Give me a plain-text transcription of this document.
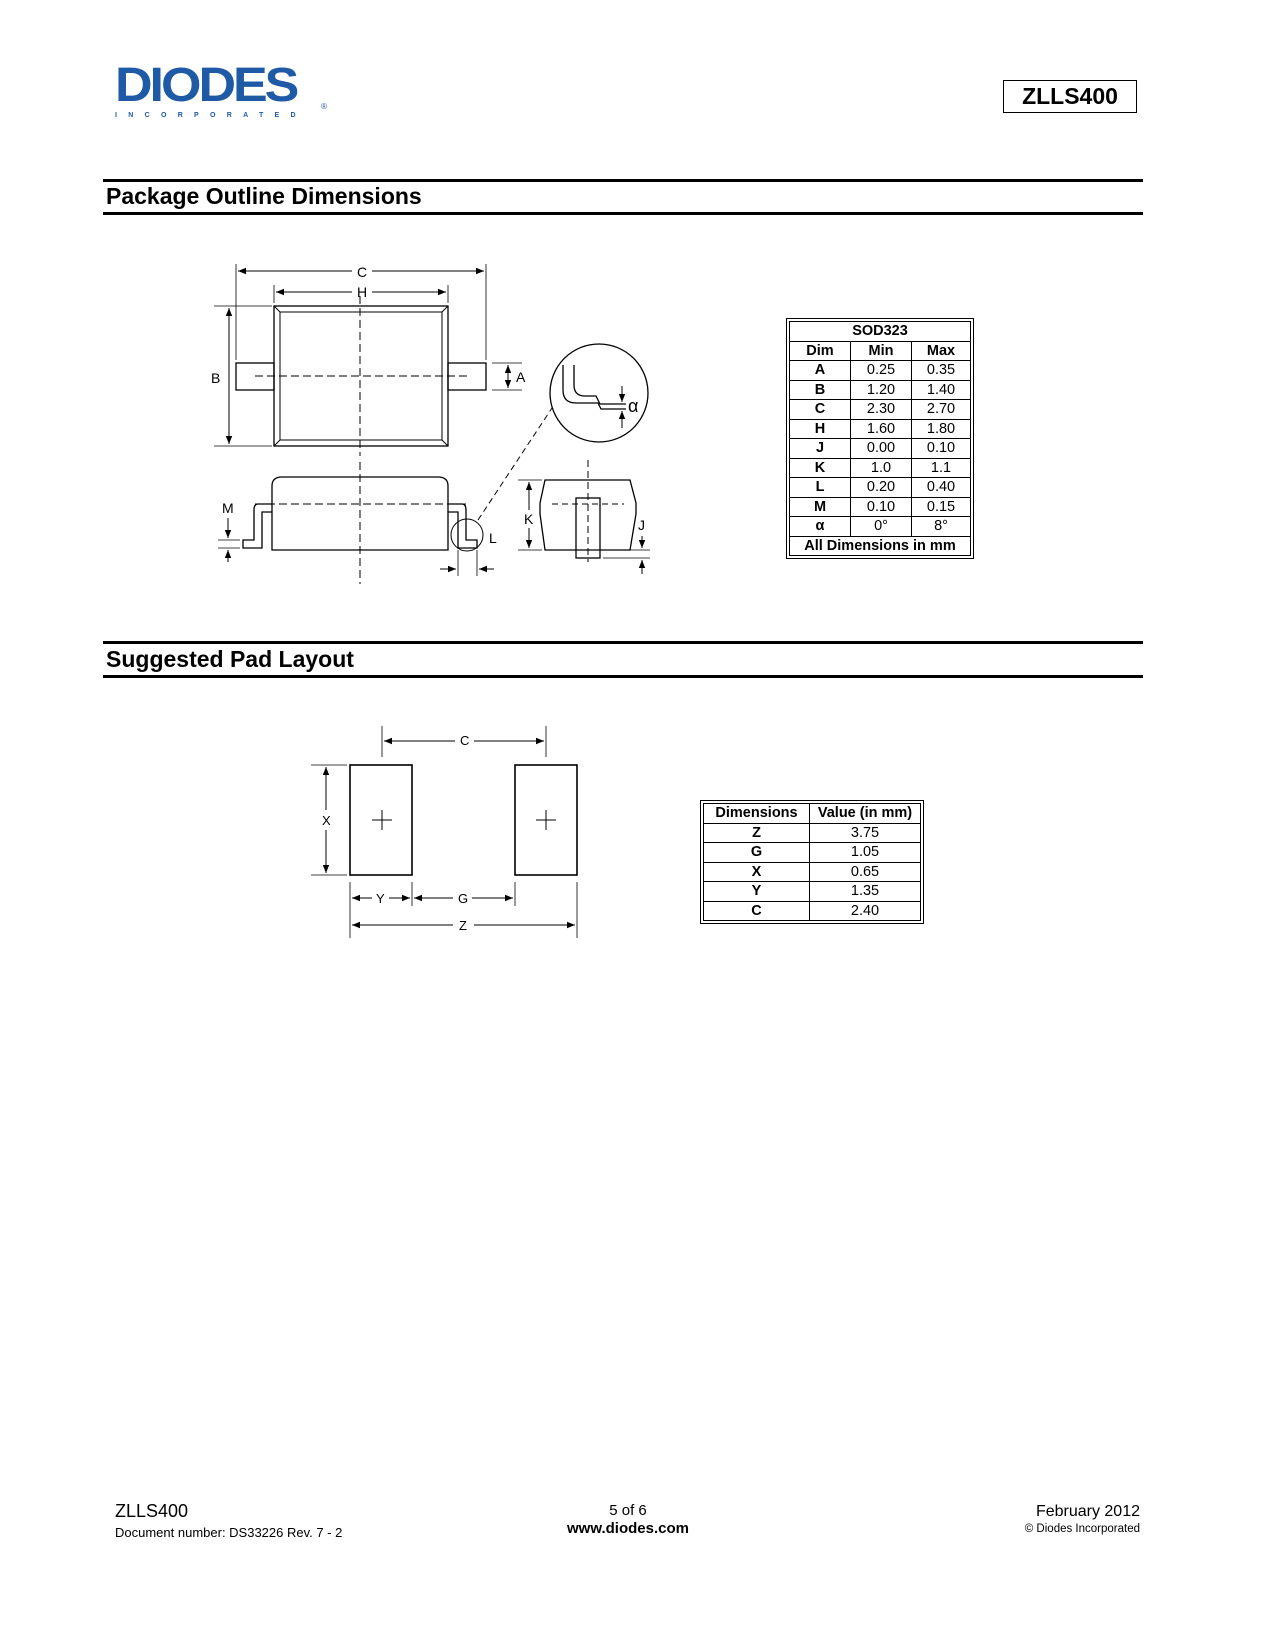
DIODES	®
INCORPORATED
ZLLS400
Package Outline Dimensions
C
H
B	A
M
K	J
L
α
SOD323		
Dim	Min	Max
A	0.25	0.35
B	1.20	1.40
C	2.30	2.70
H	1.60	1.80
J	0.00	0.10
K	1.0	1.1
L	0.20	0.40
M	0.10	0.15
α	0°	8°
All Dimensions in mm		
Suggested Pad Layout
C
X
Y	G
Z
Dimensions	Value (in mm)
Z	3.75
G	1.05
X	0.65
Y	1.35
C	2.40
ZLLS400
Document number: DS33226 Rev. 7 - 2
5 of 6
www.diodes.com
February 2012
© Diodes Incorporated
